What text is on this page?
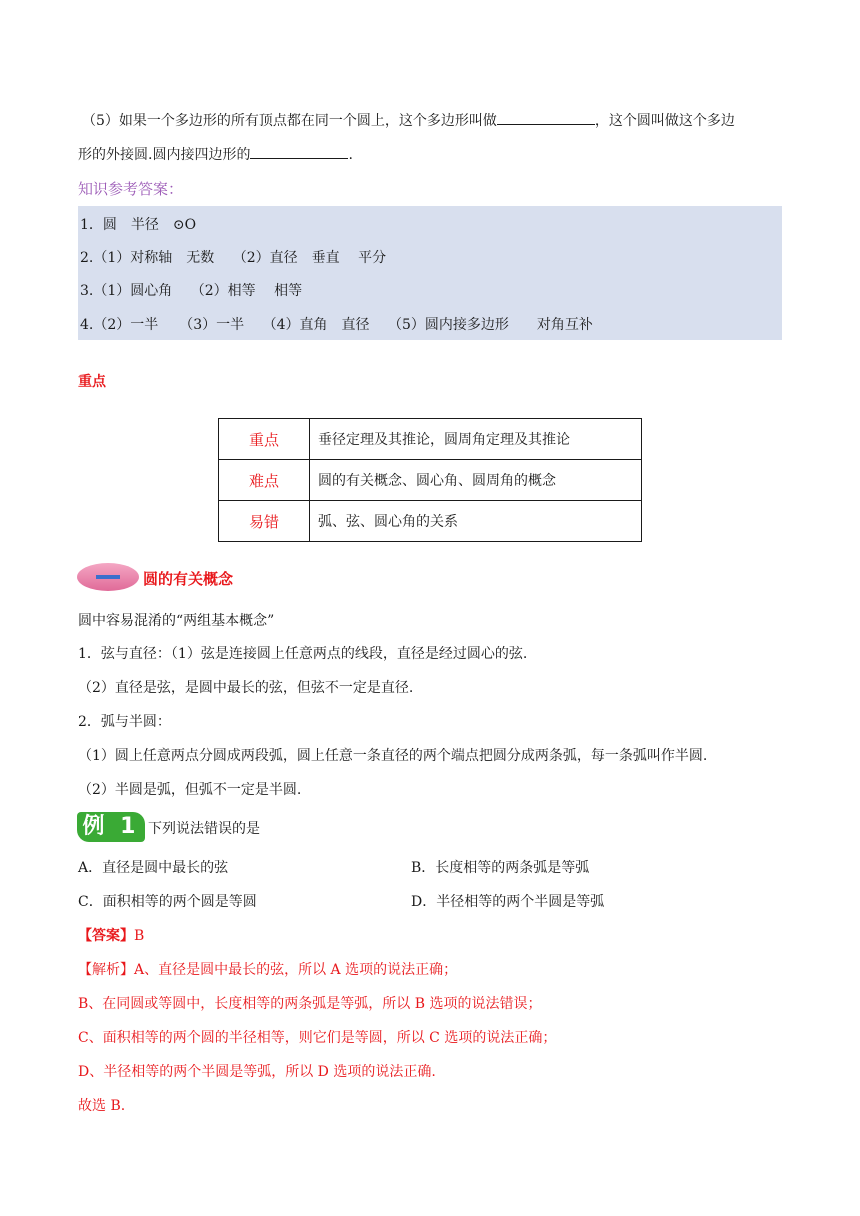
（5）如果一个多边形的所有顶点都在同一个圆上，这个多边形叫做	，这个圆叫做这个多边
形的外接圆.圆内接四边形的	.
知识参考答案：
1．圆　半径　⊙O
2.（1）对称轴　无数　 （2）直径　垂直　 平分
3.（1）圆心角　 （2）相等　 相等
4.（2）一半　　（3）一半　 （4）直角　直径　 （5）圆内接多边形　　对角互补
重点
重点	垂径定理及其推论，圆周角定理及其推论
难点	圆的有关概念、圆心角、圆周角的概念
易错	弧、弦、圆心角的关系
圆的有关概念
圆中容易混淆的“两组基本概念”
1．弦与直径：（1）弦是连接圆上任意两点的线段，直径是经过圆心的弦.
（2）直径是弦，是圆中最长的弦，但弦不一定是直径.
2．弧与半圆：
（1）圆上任意两点分圆成两段弧，圆上任意一条直径的两个端点把圆分成两条弧，每一条弧叫作半圆.
（2）半圆是弧，但弧不一定是半圆.
例 1 下列说法错误的是
A．直径是圆中最长的弦	B．长度相等的两条弧是等弧
C．面积相等的两个圆是等圆	D．半径相等的两个半圆是等弧
【答案】B
【解析】A、直径是圆中最长的弦，所以 A 选项的说法正确；
B、在同圆或等圆中，长度相等的两条弧是等弧，所以 B 选项的说法错误；
C、面积相等的两个圆的半径相等，则它们是等圆，所以 C 选项的说法正确；
D、半径相等的两个半圆是等弧，所以 D 选项的说法正确.
故选 B.
